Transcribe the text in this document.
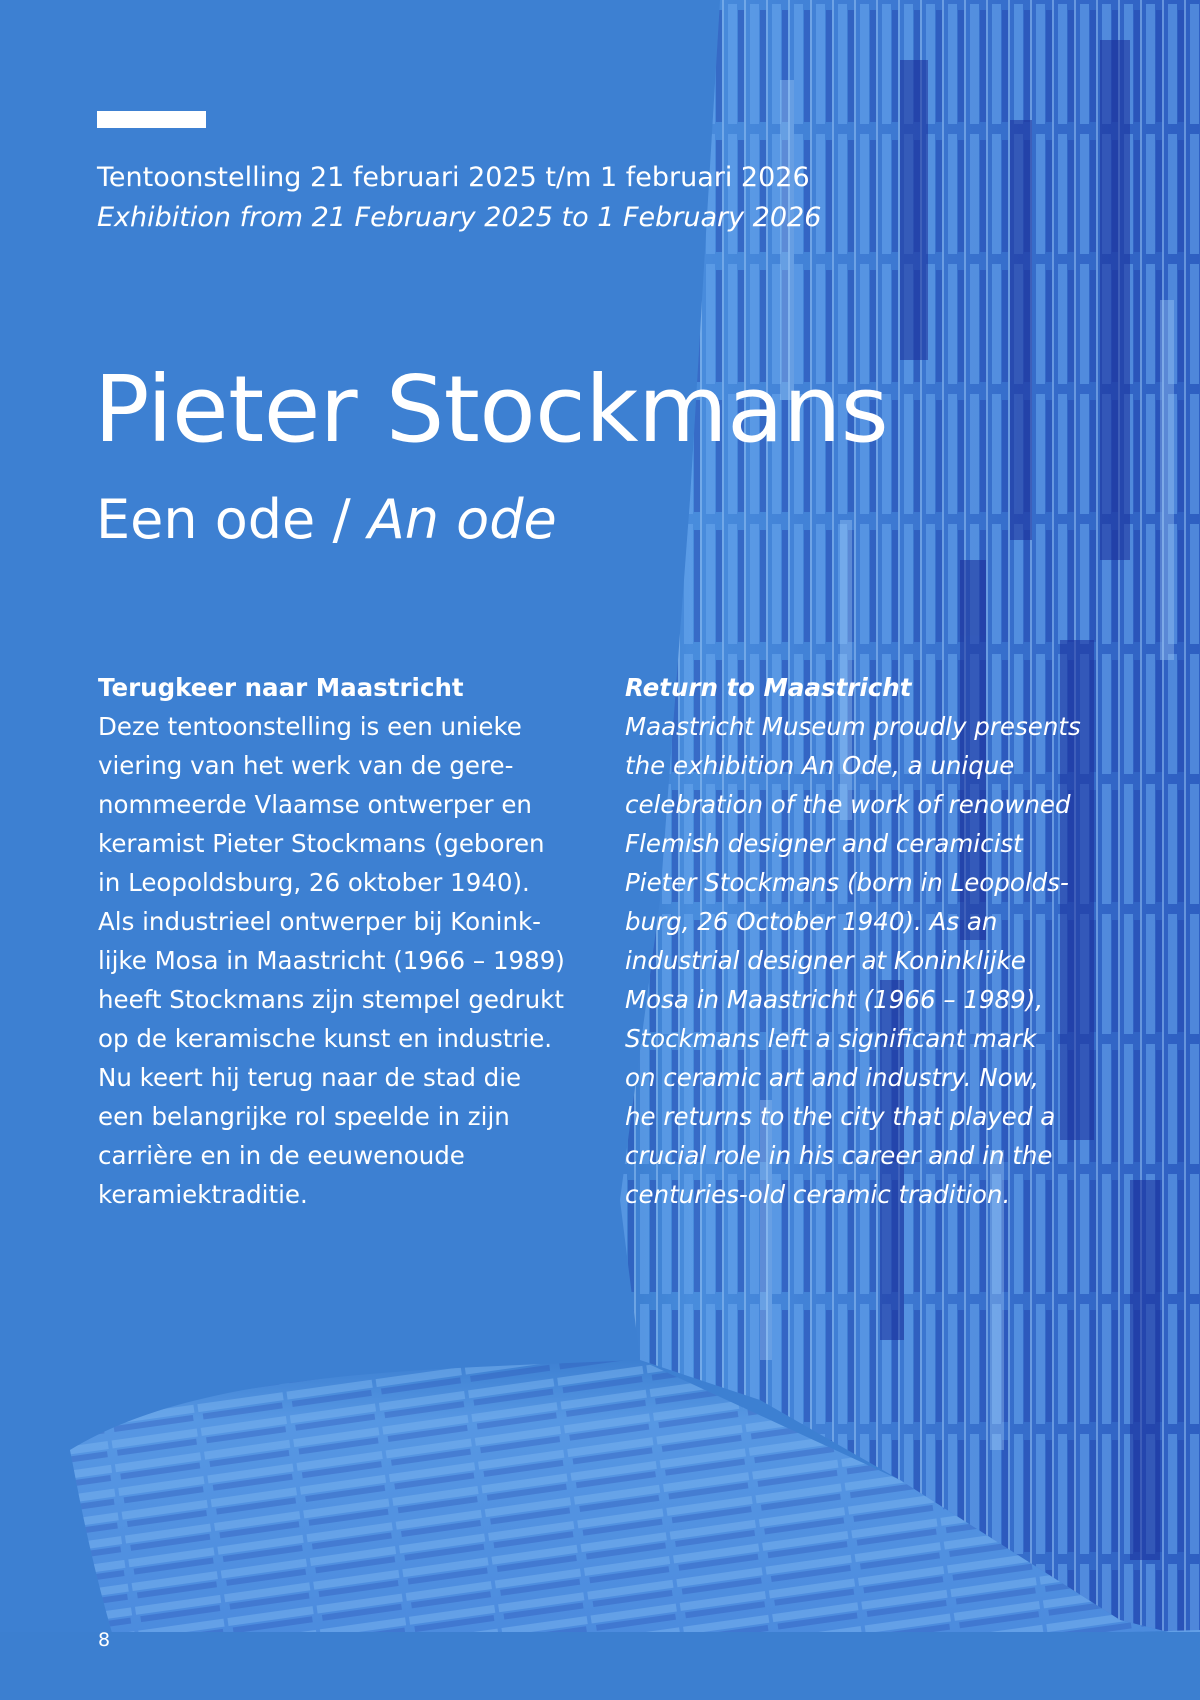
Tentoonstelling 21 februari 2025 t/m 1 februari 2026
Exhibition from 21 February 2025 to 1 February 2026
Pieter Stockmans
Een ode / An ode
Terugkeer naar Maastricht

Deze tentoonstelling is een unieke
viering van het werk van de gere-
nommeerde Vlaamse ontwerper en
keramist Pieter Stockmans (geboren
in Leopoldsburg, 26 oktober 1940).
Als industrieel ontwerper bij Konink-
lijke Mosa in Maastricht (1966 – 1989)
heeft Stockmans zijn stempel gedrukt
op de keramische kunst en industrie.
Nu keert hij terug naar de stad die
een belangrijke rol speelde in zijn
carrière en in de eeuwenoude
keramiektraditie.

Return to Maastricht

Maastricht Museum proudly presents
the exhibition An Ode, a unique
celebration of the work of renowned
Flemish designer and ceramicist
Pieter Stockmans (born in Leopolds-
burg, 26 October 1940). As an
industrial designer at Koninklijke
Mosa in Maastricht (1966 – 1989),
Stockmans left a significant mark
on ceramic art and industry. Now,
he returns to the city that played a
crucial role in his career and in the
centuries-old ceramic tradition.

8
